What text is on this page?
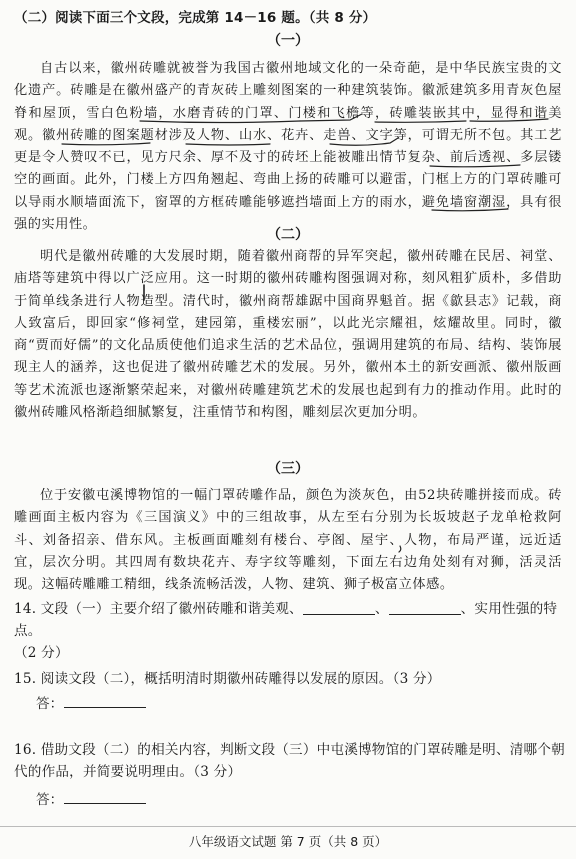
（二）阅读下面三个文段，完成第 14－16 题。（共 8 分）
（一）
自古以来，徽州砖雕就被誉为我国古徽州地域文化的一朵奇葩，是中华民族宝贵的文化遗产。砖雕是在徽州盛产的青灰砖上雕刻图案的一种建筑装饰。徽派建筑多用青灰色屋脊和屋顶，雪白色粉墙，水磨青砖的门罩、门楼和飞檐等，砖雕装嵌其中，显得和谐美观。徽州砖雕的图案题材涉及人物、山水、花卉、走兽、文字等，可谓无所不包。其工艺更是令人赞叹不已，见方尺余、厚不及寸的砖坯上能被雕出情节复杂、前后透视、多层镂空的画面。此外，门楼上方四角翘起、弯曲上扬的砖雕可以避雷，门框上方的门罩砖雕可以导雨水顺墙面流下，窗罩的方框砖雕能够遮挡墙面上方的雨水，避免墙窗潮湿，具有很强的实用性。
（二）
明代是徽州砖雕的大发展时期，随着徽州商帮的异军突起，徽州砖雕在民居、祠堂、庙塔等建筑中得以广泛应用。这一时期的徽州砖雕构图强调对称，刻风粗犷质朴，多借助于简单线条进行人物造型。清代时，徽州商帮雄踞中国商界魁首。据《歙县志》记载，商人致富后，即回家“修祠堂，建园第，重楼宏丽”，以此光宗耀祖，炫耀故里。同时，徽商“贾而好儒”的文化品质使他们追求生活的艺术品位，强调用建筑的布局、结构、装饰展现主人的涵养，这也促进了徽州砖雕艺术的发展。另外，徽州本土的新安画派、徽州版画等艺术流派也逐渐繁荣起来，对徽州砖雕建筑艺术的发展也起到有力的推动作用。此时的徽州砖雕风格渐趋细腻繁复，注重情节和构图，雕刻层次更加分明。
（三）
位于安徽屯溪博物馆的一幅门罩砖雕作品，颜色为淡灰色，由52块砖雕拼接而成。砖雕画面主板内容为《三国演义》中的三组故事，从左至右分别为长坂坡赵子龙单枪救阿斗、刘备招亲、借东风。主板画面雕刻有楼台、亭阁、屋宇、人物，布局严谨，远近适宜，层次分明。其四周有数块花卉、寿字纹等雕刻，下面左右边角处刻有对狮，活灵活现。这幅砖雕雕工精细，线条流畅活泼，人物、建筑、狮子极富立体感。
14. 文段（一）主要介绍了徽州砖雕和谐美观、	、	、实用性强的特点。
（2 分）
15. 阅读文段（二），概括明清时期徽州砖雕得以发展的原因。（3 分）
答：
16. 借助文段（二）的相关内容，判断文段（三）中屯溪博物馆的门罩砖雕是明、清哪个朝代的作品，并简要说明理由。（3 分）
答：
八年级语文试题 第 7 页（共 8 页）
